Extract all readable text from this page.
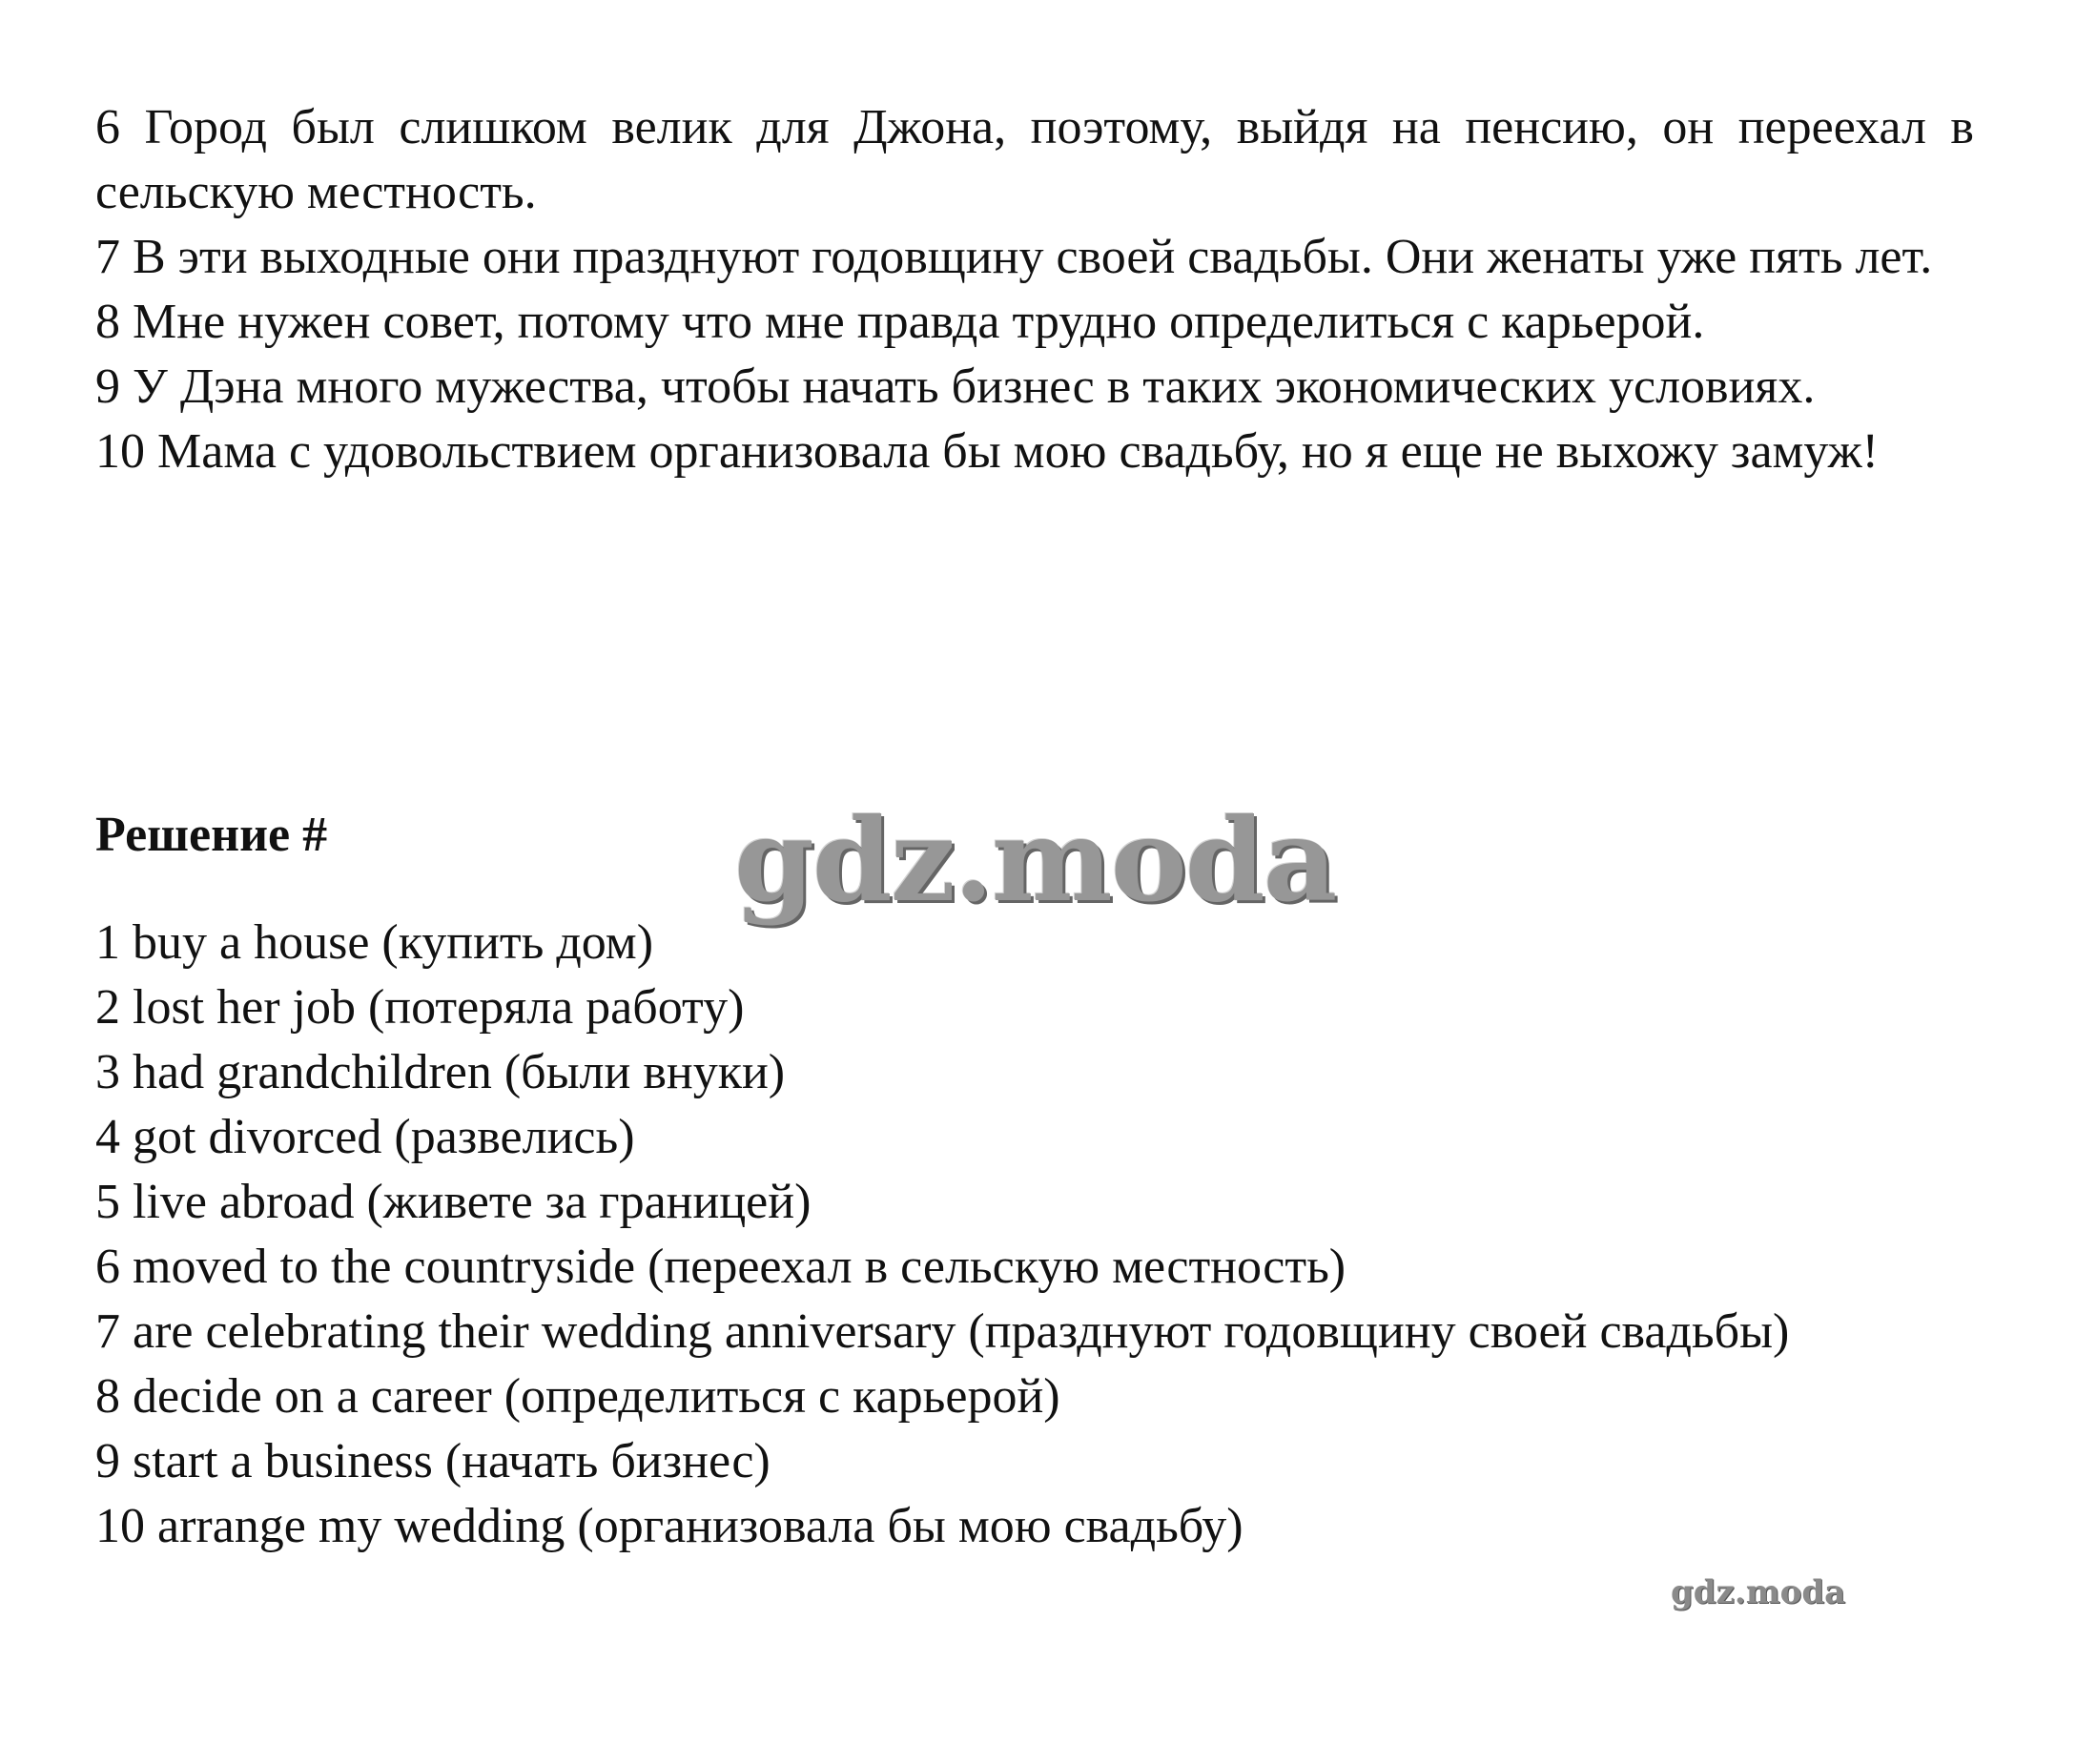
6 Город был слишком велик для Джона, поэтому, выйдя на пенсию, он переехал в сельскую местность.

7 В эти выходные они празднуют годовщину своей свадьбы. Они женаты уже пять лет.

8 Мне нужен совет, потому что мне правда трудно определиться с карьерой.

9 У Дэна много мужества, чтобы начать бизнес в таких экономических условиях.

10 Мама с удовольствием организовала бы мою свадьбу, но я еще не выхожу замуж!

Решение #	gdz.moda

1 buy a house (купить дом)

2 lost her job (потеряла работу)

3 had grandchildren (были внуки)

4 got divorced (развелись)

5 live abroad (живете за границей)

6 moved to the countryside (переехал в сельскую местность)

7 are celebrating their wedding anniversary (празднуют годовщину своей свадьбы)

8 decide on a career (определиться с карьерой)

9 start a business (начать бизнес)

10 arrange my wedding (организовала бы мою свадьбу)

gdz.moda
